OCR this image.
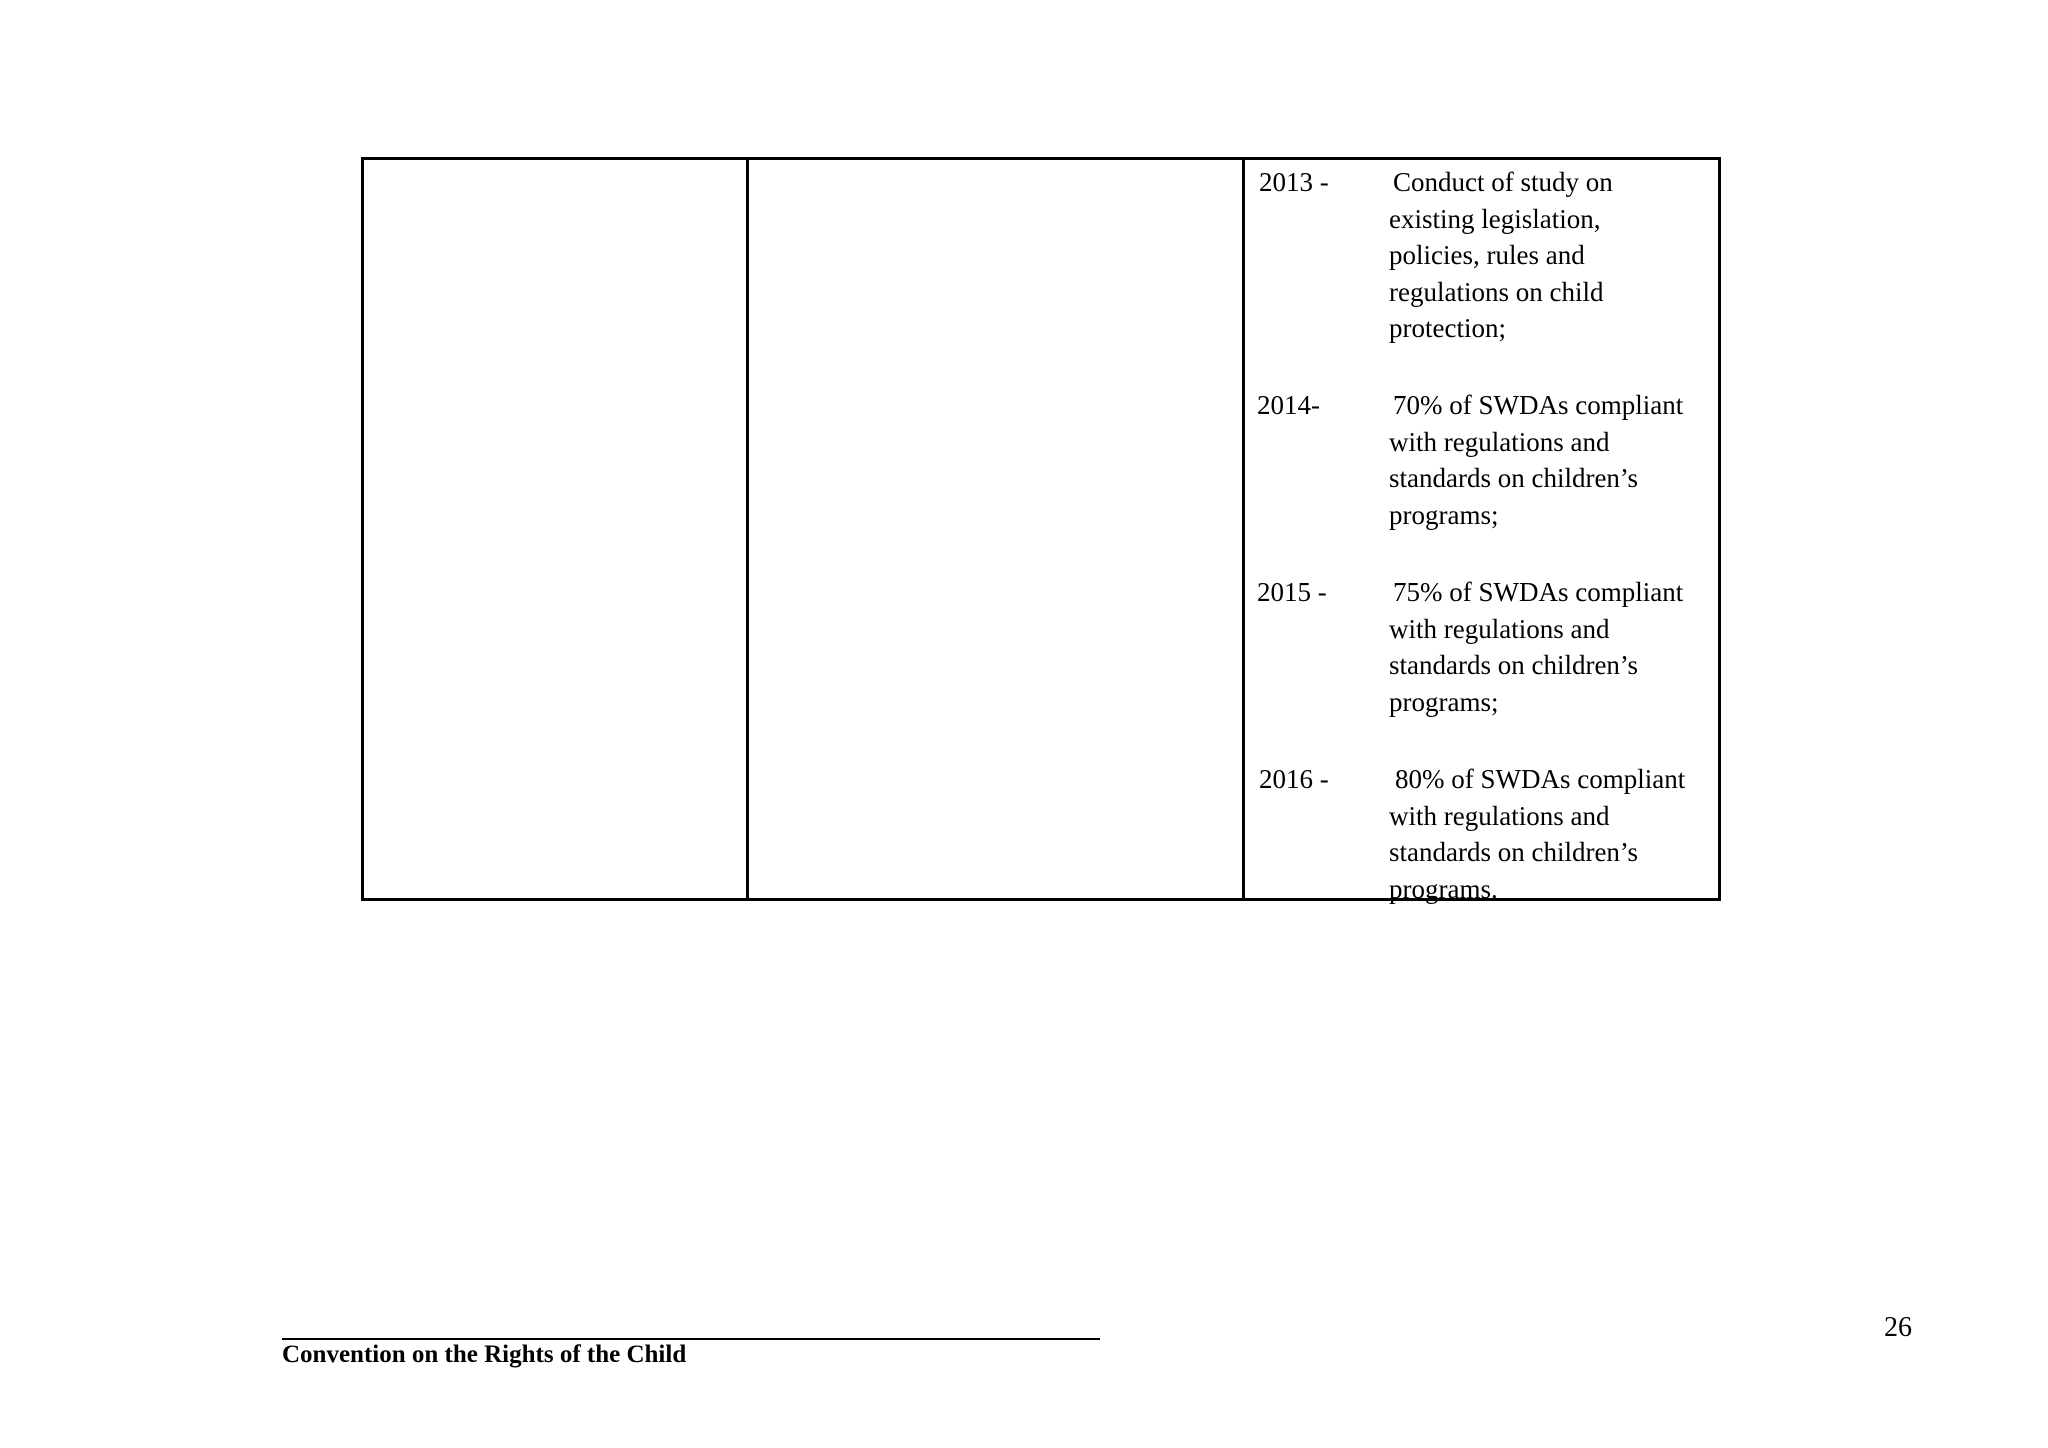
2013 - Conduct of study on
existing legislation,
policies, rules and
regulations on child
protection;
2014-	70% of SWDAs compliant
with regulations and
standards on children’s
programs;
2015 - 75% of SWDAs compliant
with regulations and
standards on children’s
programs;
2016 - 80% of SWDAs compliant
with regulations and
standards on children’s
programs.
Convention on the Rights of the Child
26
